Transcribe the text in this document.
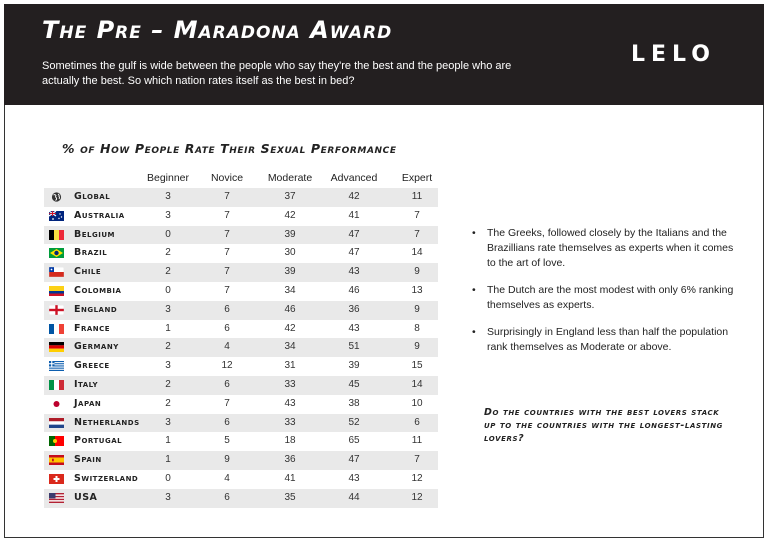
The Pre – Maradona Award
Sometimes the gulf is wide between the people who say they're the best and the people who are actually the best. So which nation rates itself as the best in bed?
LELO
% of How People Rate Their Sexual Performance
Beginner	Novice	Moderate	Advanced	Expert
Global	3	7	37	42	11
Australia	3	7	42	41	7
Belgium	0	7	39	47	7
Brazil	2	7	30	47	14
Chile	2	7	39	43	9
Colombia	0	7	34	46	13
England	3	6	46	36	9
France	1	6	42	43	8
Germany	2	4	34	51	9
Greece	3	12	31	39	15
Italy	2	6	33	45	14
Japan	2	7	43	38	10
Netherlands	3	6	33	52	6
Portugal	1	5	18	65	11
Spain	1	9	36	47	7
Switzerland	0	4	41	43	12
USA	3	6	35	44	12
• The Greeks, followed closely by the Italians and the Brazillians rate themselves as experts when it comes to the art of love.
• The Dutch are the most modest with only 6% ranking themselves as experts.
• Surprisingly in England less than half the population rank themselves as Moderate or above.
Do the countries with the best lovers stack up to the countries with the longest-lasting lovers?
